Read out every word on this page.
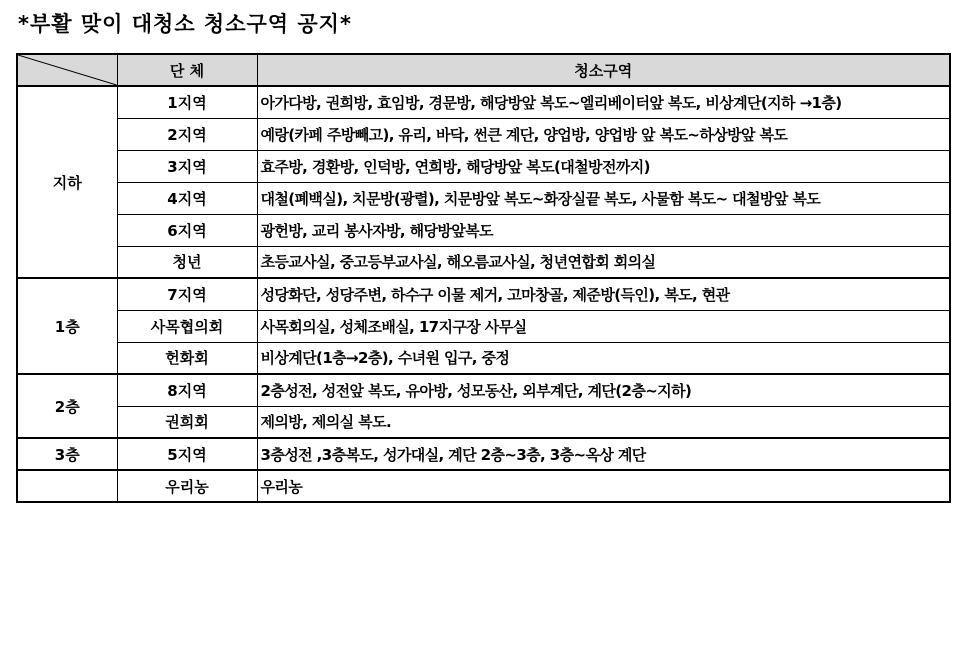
*부활 맞이 대청소 청소구역 공지*
	단 체	청소구역
지하	1지역	아가다방, 권희방, 효임방, 경문방, 해당방앞 복도~엘리베이터앞 복도, 비상계단(지하 →1층)
	2지역	예랑(카페 주방빼고), 유리, 바닥, 썬큰 계단, 양업방, 양업방 앞 복도~하상방앞 복도
	3지역	효주방, 경환방, 인덕방, 연희방, 해당방앞 복도(대철방전까지)
	4지역	대철(폐백실), 치문방(광렬), 치문방앞 복도~화장실끝 복도, 사물함 복도~ 대철방앞 복도
	6지역	광헌방, 교리 봉사자방, 해당방앞복도
	청년	초등교사실, 중고등부교사실, 해오름교사실, 청년연합회 회의실
1층	7지역	성당화단, 성당주변, 하수구 이물 제거, 고마창골, 제준방(득인), 복도, 현관
	사목협의회	사목회의실, 성체조배실, 17지구장 사무실
	헌화회	비상계단(1층→2층), 수녀원 입구, 중정
2층	8지역	2층성전, 성전앞 복도, 유아방, 성모동산, 외부계단, 계단(2층~지하)
	권희회	제의방, 제의실 복도.
3층	5지역	3층성전 ,3층복도, 성가대실, 계단 2층~3층, 3층~옥상 계단
	우리농	우리농
